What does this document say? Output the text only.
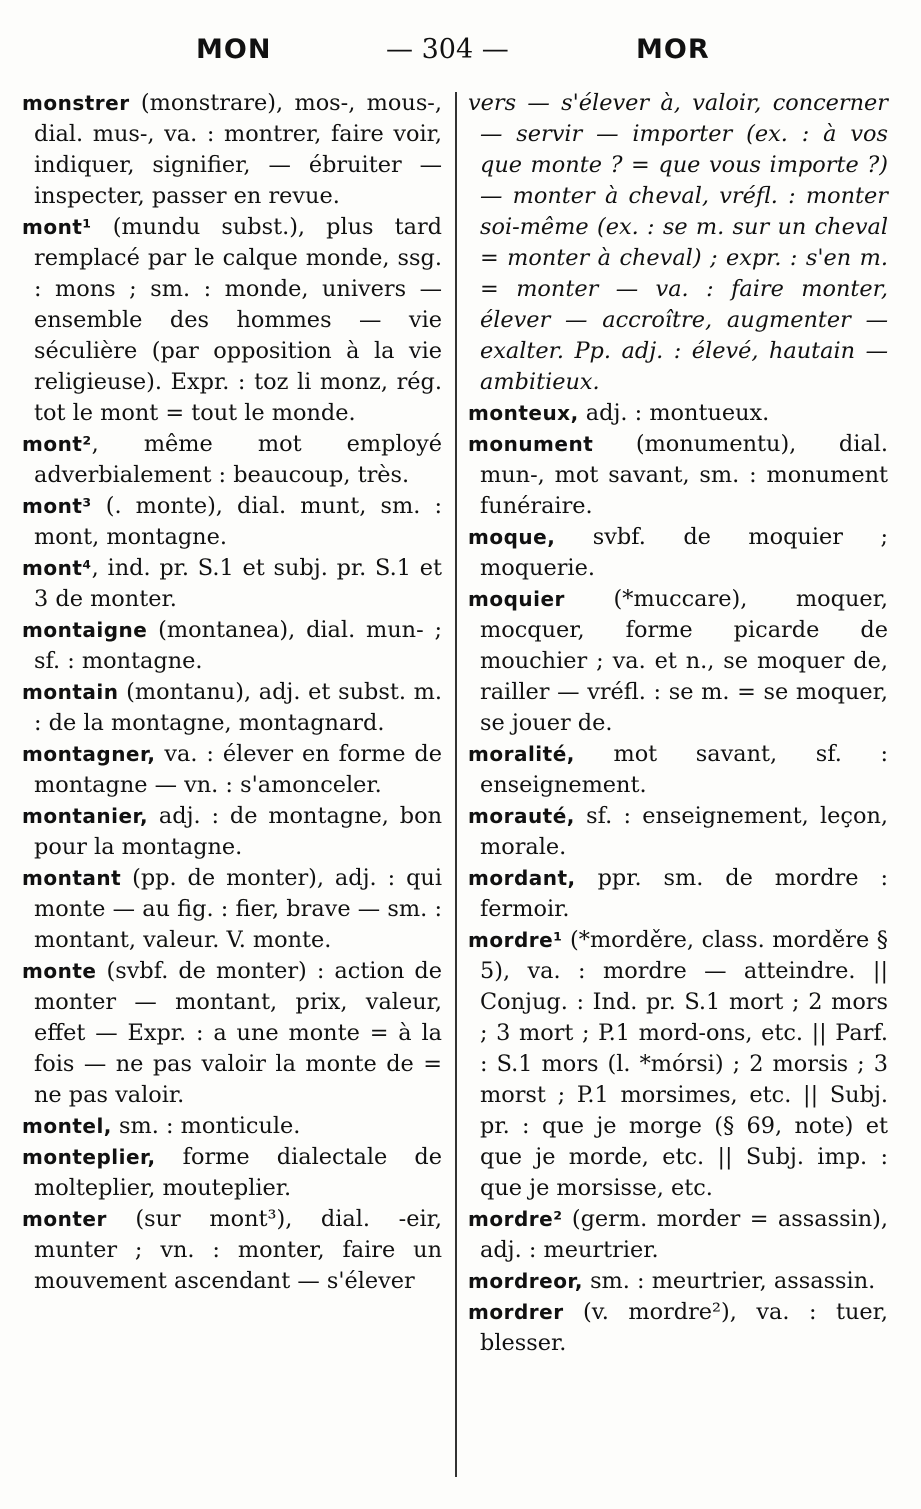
MON	— 304 —	MOR

monstrer (monstrare), mos-, mous-, dial. mus-, va. : montrer, faire voir, indiquer, signifier, — ébruiter — inspecter, passer en revue.

mont¹ (mundu subst.), plus tard remplacé par le calque monde, ssg. : mons ; sm. : monde, univers — ensemble des hommes — vie séculière (par opposition à la vie religieuse). Expr. : toz li monz, rég. tot le mont = tout le monde.

mont², même mot employé adverbialement : beaucoup, très.

mont³ (. monte), dial. munt, sm. : mont, montagne.

mont⁴, ind. pr. S.1 et subj. pr. S.1 et 3 de monter.

montaigne (montanea), dial. mun- ; sf. : montagne.

montain (montanu), adj. et subst. m. : de la montagne, montagnard.

montagner, va. : élever en forme de montagne — vn. : s'amonceler.

montanier, adj. : de montagne, bon pour la montagne.

montant (pp. de monter), adj. : qui monte — au fig. : fier, brave — sm. : montant, valeur. V. monte.

monte (svbf. de monter) : action de monter — montant, prix, valeur, effet — Expr. : a une monte = à la fois — ne pas valoir la monte de = ne pas valoir.

montel, sm. : monticule.

monteplier, forme dialectale de molteplier, mouteplier.

monter (sur mont³), dial. -eir, munter ; vn. : monter, faire un mouvement ascendant — s'élever

vers — s'élever à, valoir, concerner — servir — importer (ex. : à vos que monte ? = que vous importe ?) — monter à cheval, vréfl. : monter soi-même (ex. : se m. sur un cheval = monter à cheval) ; expr. : s'en m. = monter — va. : faire monter, élever — accroître, augmenter — exalter. Pp. adj. : élevé, hautain — ambitieux.

monteux, adj. : montueux.

monument (monumentu), dial. mun-, mot savant, sm. : monument funéraire.

moque, svbf. de moquier ; moquerie.

moquier (*muccare), moquer, mocquer, forme picarde de mouchier ; va. et n., se moquer de, railler — vréfl. : se m. = se moquer, se jouer de.

moralité, mot savant, sf. : enseignement.

morauté, sf. : enseignement, leçon, morale.

mordant, ppr. sm. de mordre : fermoir.

mordre¹ (*morděre, class. morděre § 5), va. : mordre — atteindre. || Conjug. : Ind. pr. S.1 mort ; 2 mors ; 3 mort ; P.1 mord-ons, etc. || Parf. : S.1 mors (l. *mórsi) ; 2 morsis ; 3 morst ; P.1 morsimes, etc. || Subj. pr. : que je morge (§ 69, note) et que je morde, etc. || Subj. imp. : que je morsisse, etc.

mordre² (germ. morder = assassin), adj. : meurtrier.

mordreor, sm. : meurtrier, assassin.

mordrer (v. mordre²), va. : tuer, blesser.
